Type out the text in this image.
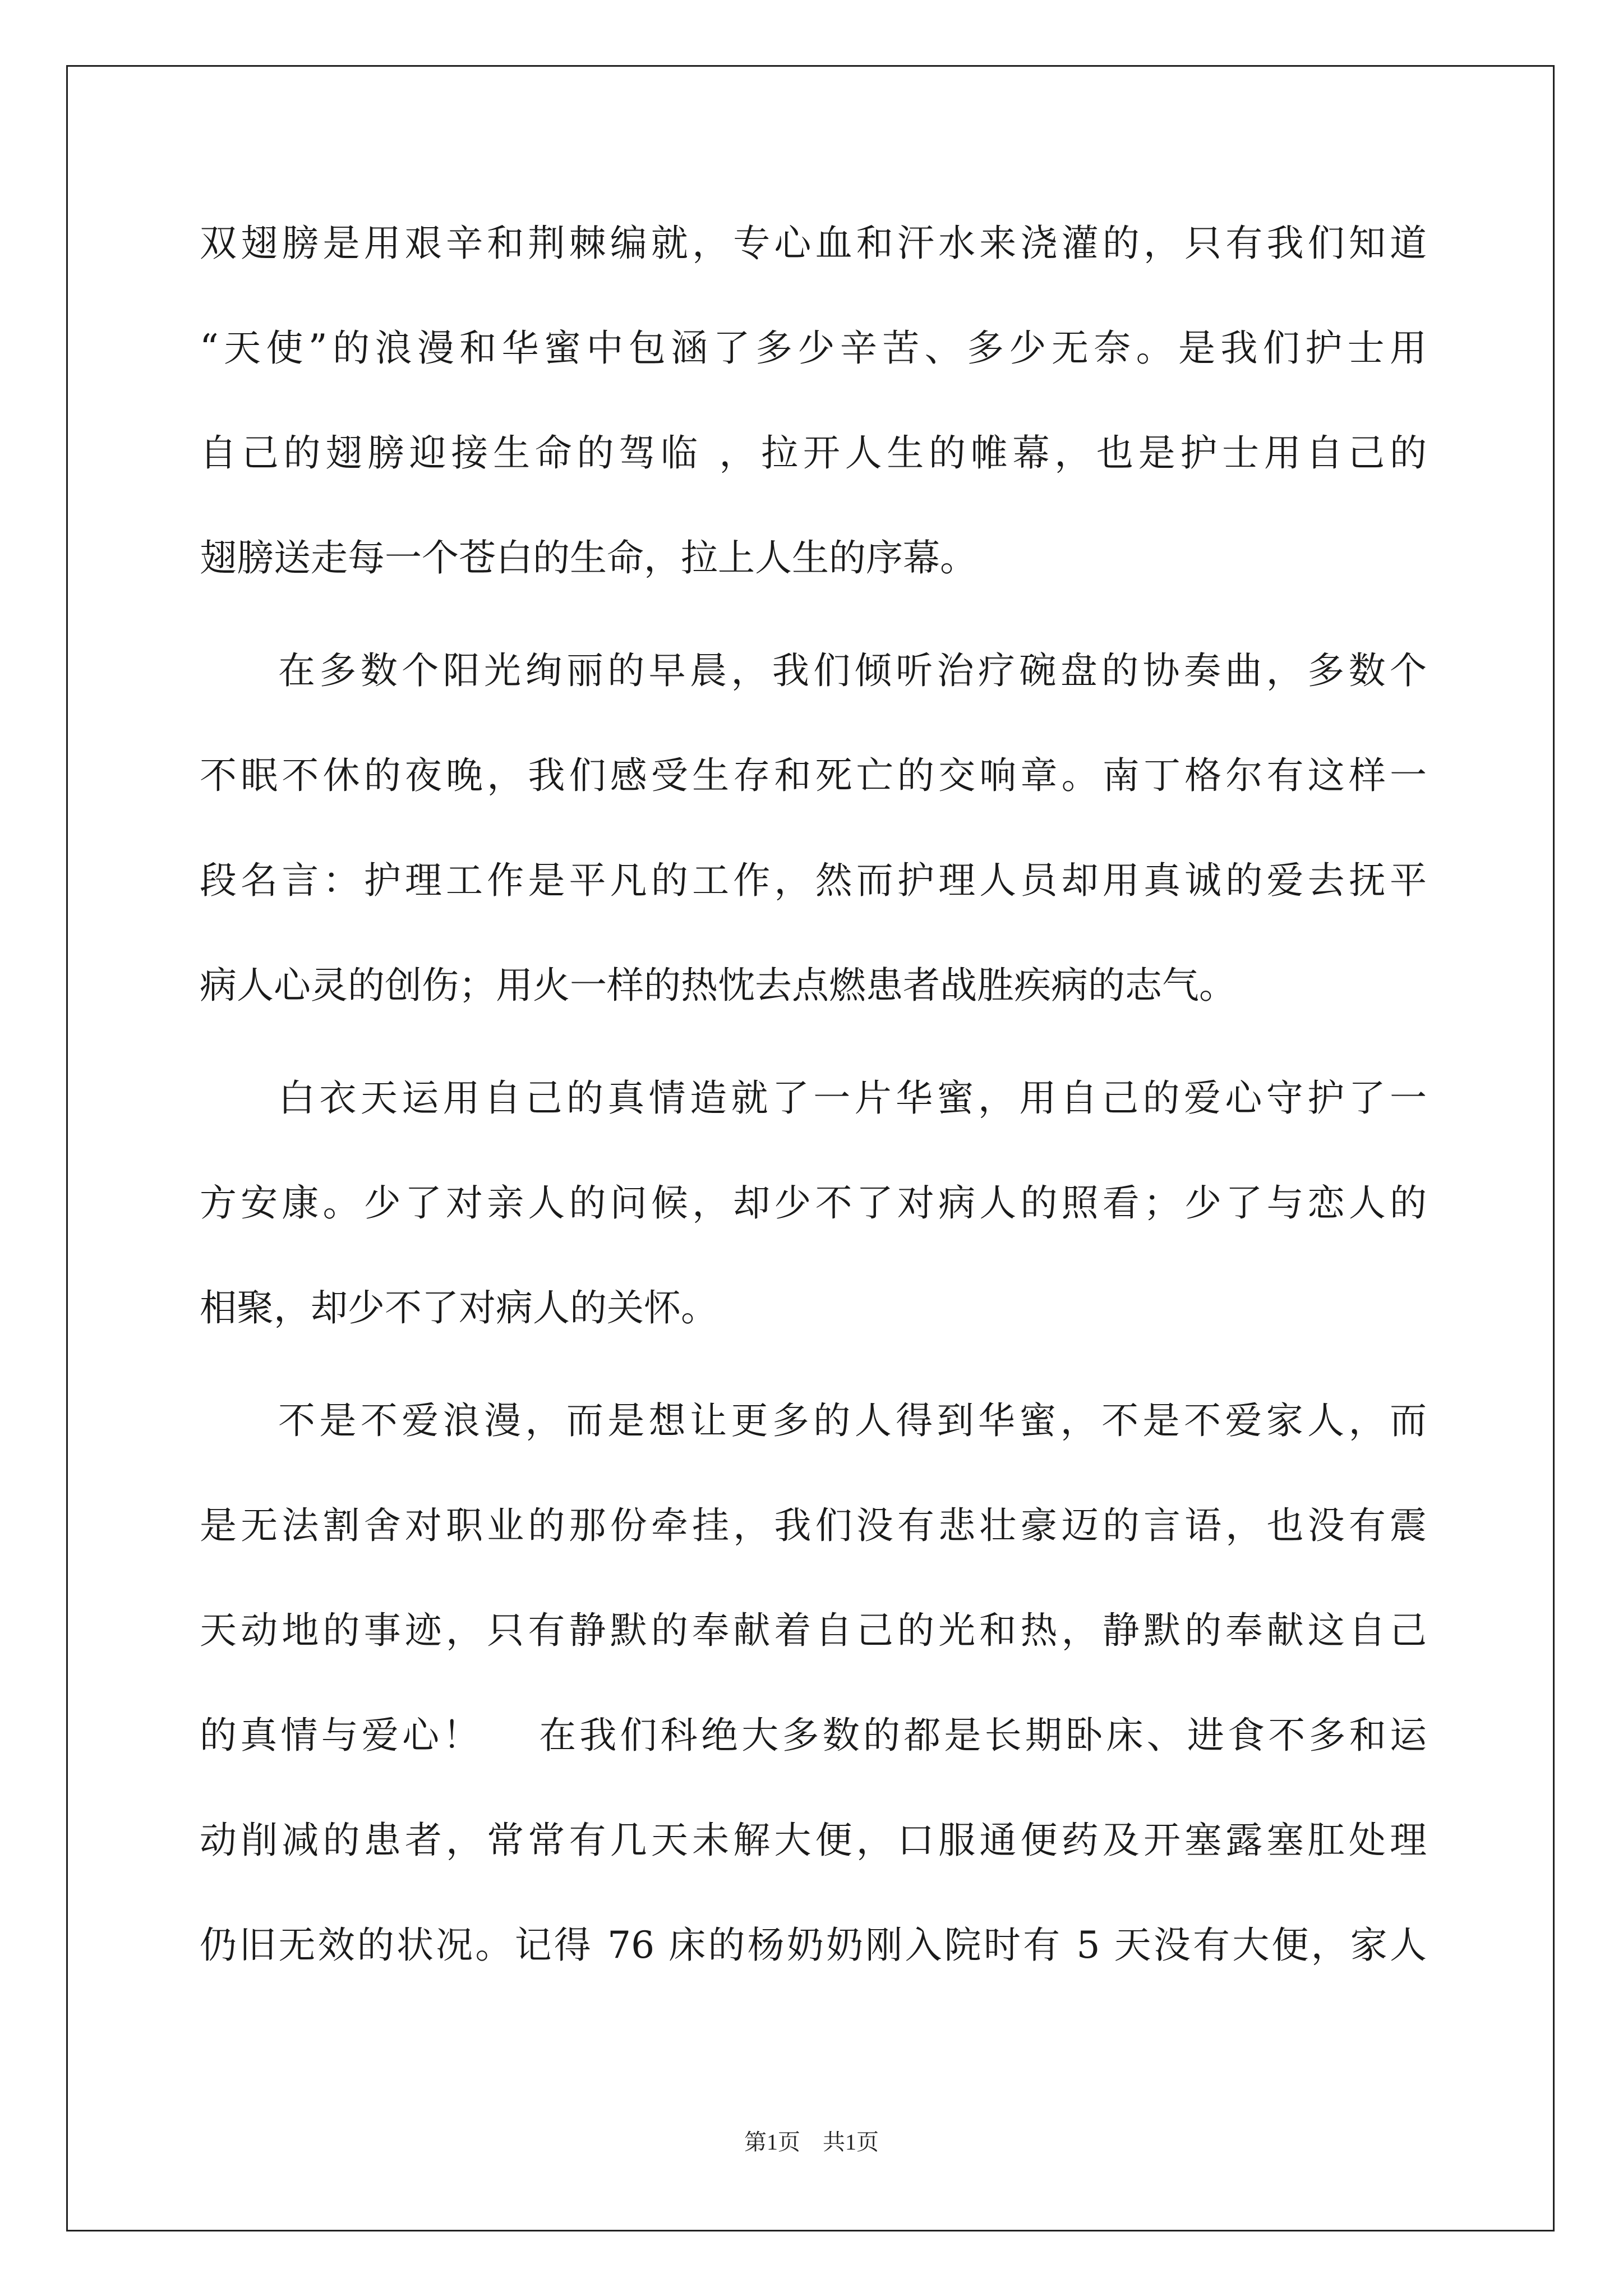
双翅膀是用艰辛和荆棘编就，专心血和汗水来浇灌的，只有我们知道
“天使”的浪漫和华蜜中包涵了多少辛苦、多少无奈。是我们护士用
自己的翅膀迎接生命的驾临 ，拉开人生的帷幕，也是护士用自己的
翅膀送走每一个苍白的生命，拉上人生的序幕。
在多数个阳光绚丽的早晨，我们倾听治疗碗盘的协奏曲，多数个
不眠不休的夜晚，我们感受生存和死亡的交响章。南丁格尔有这样一
段名言：护理工作是平凡的工作，然而护理人员却用真诚的爱去抚平
病人心灵的创伤；用火一样的热忱去点燃患者战胜疾病的志气。
白衣天运用自己的真情造就了一片华蜜，用自己的爱心守护了一
方安康。少了对亲人的问候，却少不了对病人的照看；少了与恋人的
相聚，却少不了对病人的关怀。
不是不爱浪漫，而是想让更多的人得到华蜜，不是不爱家人，而
是无法割舍对职业的那份牵挂，我们没有悲壮豪迈的言语，也没有震
天动地的事迹，只有静默的奉献着自己的光和热，静默的奉献这自己
的真情与爱心！　 在我们科绝大多数的都是长期卧床、进食不多和运
动削减的患者，常常有几天未解大便，口服通便药及开塞露塞肛处理
仍旧无效的状况。记得 76 床的杨奶奶刚入院时有 5 天没有大便，家人
第1页　共1页
